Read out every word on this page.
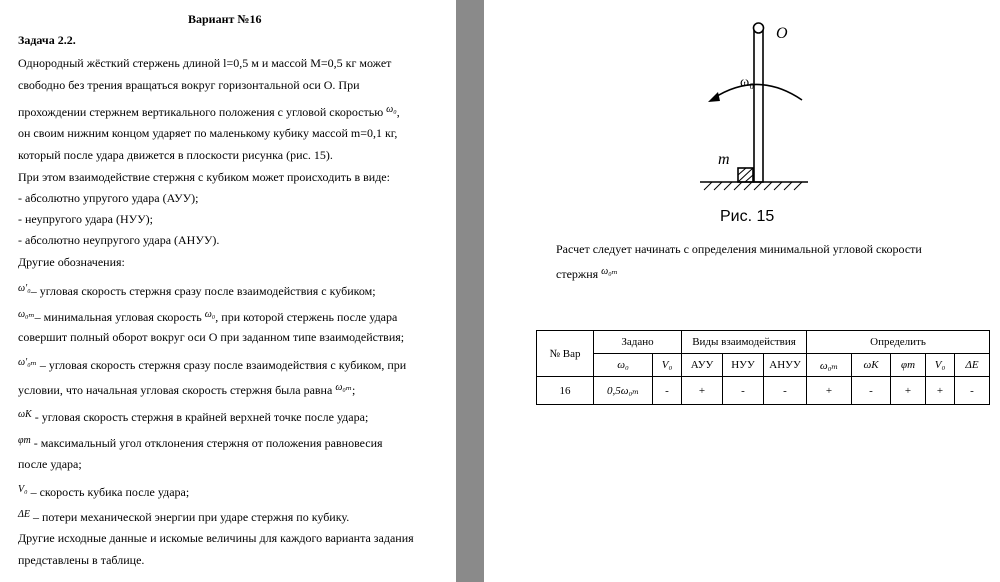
Вариант №16
Задача 2.2.
Однородный жёсткий стержень длиной l=0,5 м и массой М=0,5 кг может
свободно без трения вращаться вокруг горизонтальной оси О. При
прохождении стержнем вертикального положения с угловой скоростью $^{\omega_0}$,
он своим нижним концом ударяет по маленькому кубику массой m=0,1 кг,
который после удара движется в плоскости рисунка (рис. 15).
При этом взаимодействие стержня с кубиком может происходить в виде:
- абсолютно упругого удара (АУУ);
- неупругого удара (НУУ);
- абсолютно неупругого удара (АНУУ).
Другие обозначения:
$^{\omega'_0}$– угловая скорость стержня сразу после взаимодействия с кубиком;
$^{\omega_{0m}}$– минимальная угловая скорость $^{\omega_0}$, при которой стержень после удара
совершит полный оборот вокруг оси О при заданном типе взаимодействия;
$^{\omega'_{0m}}$ – угловая скорость стержня сразу после взаимодействия с кубиком, при
условии, что начальная угловая скорость стержня была равна $^{\omega_{0m}}$;
$^{\omega K}$ - угловая скорость стержня в крайней верхней точке после удара;
$^{\varphi m}$ - максимальный угол отклонения стержня от положения равновесия
после удара;
$^{V_0}$ – скорость кубика после удара;
$^{\Delta E}$ – потери механической энергии при ударе стержня по кубику.
Другие исходные данные и искомые величины для каждого варианта задания
представлены в таблице.
O
ω₀
m
Рис. 15
Расчет следует начинать с определения минимальной угловой скорости
стержня $^{\omega_{0m}}$
№ Вар	Задано		Виды взаимодействия			Определить				
	ω₀	V₀	АУУ	НУУ	АНУУ	ω₀ₘ	ωK	φm	V₀	ΔE
16	0,5ω₀ₘ	-	+	-	-	+	-	+	+	-
